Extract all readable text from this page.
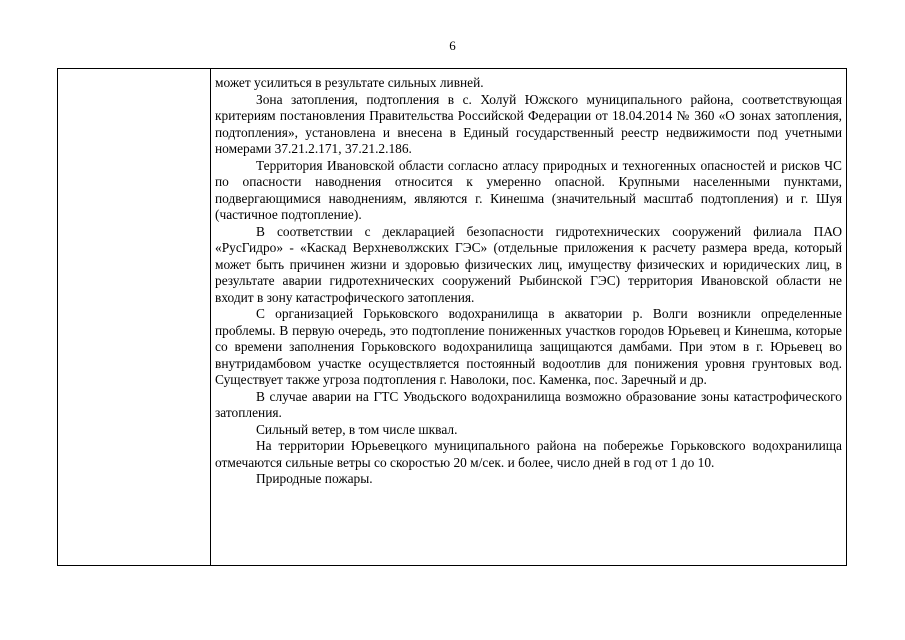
6

может усилиться в результате сильных ливней.

Зона затопления, подтопления в с. Холуй Южского муниципального района, соответствующая критериям постановления Правительства Российской Федерации от 18.04.2014 № 360 «О зонах затопления, подтопления», установлена и внесена в Единый государственный реестр недвижимости под учетными номерами 37.21.2.171, 37.21.2.186.

Территория Ивановской области согласно атласу природных и техногенных опасностей и рисков ЧС по опасности наводнения относится к умеренно опасной. Крупными населенными пунктами, подвергающимися наводнениям, являются г. Кинешма (значительный масштаб подтопления) и г. Шуя (частичное подтопление).

В соответствии с декларацией безопасности гидротехнических сооружений филиала ПАО «РусГидро» - «Каскад Верхневолжских ГЭС» (отдельные приложения к расчету размера вреда, который может быть причинен жизни и здоровью физических лиц, имуществу физических и юридических лиц, в результате аварии гидротехнических сооружений Рыбинской ГЭС) территория Ивановской области не входит в зону катастрофического затопления.

С организацией Горьковского водохранилища в акватории р. Волги возникли определенные проблемы. В первую очередь, это подтопление пониженных участков городов Юрьевец и Кинешма, которые со времени заполнения Горьковского водохранилища защищаются дамбами. При этом в г. Юрьевец во внутридамбовом участке осуществляется постоянный водоотлив для понижения уровня грунтовых вод. Существует также угроза подтопления г. Наволоки, пос. Каменка, пос. Заречный и др.

В случае аварии на ГТС Уводьского водохранилища возможно образование зоны катастрофического затопления.

Сильный ветер, в том числе шквал.

На территории Юрьевецкого муниципального района на побережье Горьковского водохранилища отмечаются сильные ветры со скоростью 20 м/сек. и более, число дней в год от 1 до 10.

Природные пожары.
